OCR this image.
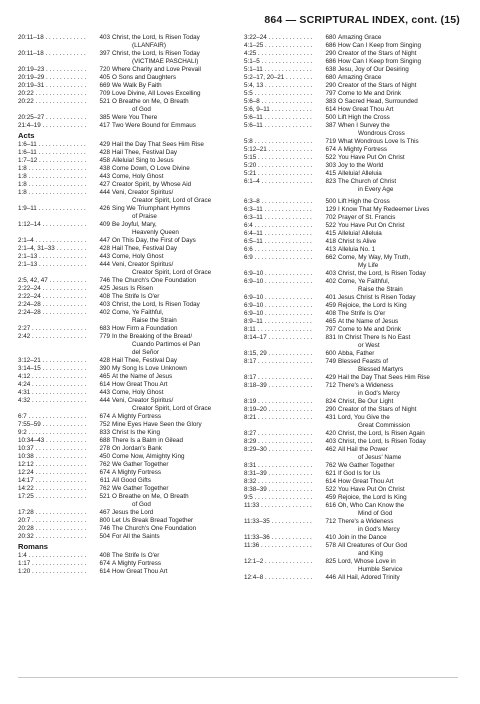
864 — SCRIPTURAL INDEX, cont. (15)
20:11–18 . . .	403 Christ, the Lord, Is Risen Today
(LLANFAIR)
20:11–18 . . .	397 Christ, the Lord, Is Risen Today
(VICTIMAE PASCHALI)
20:19–23 . . .	720 Where Charity and Love Prevail
20:19–29 . . .	405 O Sons and Daughters
20:19–31 . . .	669 We Walk By Faith
20:22 . . .	709 Love Divine, All Loves Excelling
20:22 . . .	521 O Breathe on Me, O Breath
of God
20:25–27 . . .	385 Were You There
21:4–19 . . .	417 Two Were Bound for Emmaus
Acts
1:6–11 . . .	429 Hail the Day That Sees Him Rise
1:6–11 . . .	428 Hail Thee, Festival Day
1:7–12 . . .	458 Alleluia! Sing to Jesus
1:8 . . .	438 Come Down, O Love Divine
1:8 . . .	443 Come, Holy Ghost
1:8 . . .	427 Creator Spirit, by Whose Aid
1:8 . . .	444 Veni, Creator Spiritus/
Creator Spirit, Lord of Grace
1:9–11 . . .	426 Sing We Triumphant Hymns
of Praise
1:12–14 . . .	409 Be Joyful, Mary,
Heavenly Queen
2:1–4 . . .	447 On This Day, the First of Days
2:1–4, 31–33 . . .	428 Hail Thee, Festival Day
2:1–13 . . .	443 Come, Holy Ghost
2:1–13 . . .	444 Veni, Creator Spiritus/
Creator Spirit, Lord of Grace
2:5, 42, 47 . . .	746 The Church's One Foundation
2:22–24 . . .	425 Jesus Is Risen
2:22–24 . . .	408 The Strife Is O'er
2:24–28 . . .	403 Christ, the Lord, Is Risen Today
2:24–28 . . .	402 Come, Ye Faithful,
Raise the Strain
2:27 . . .	683 How Firm a Foundation
2:42 . . .	779 In the Breaking of the Bread/
Cuando Partimos el Pan
del Señor
3:12–21 . . .	428 Hail Thee, Festival Day
3:14–15 . . .	390 My Song Is Love Unknown
4:12 . . .	465 At the Name of Jesus
4:24 . . .	614 How Great Thou Art
4:31 . . .	443 Come, Holy Ghost
4:32 . . .	444 Veni, Creator Spiritus/
Creator Spirit, Lord of Grace
6:7 . . .	674 A Mighty Fortress
7:55–59 . . .	752 Mine Eyes Have Seen the Glory
9:2 . . .	833 Christ Is the King
10:34–43 . . .	688 There Is a Balm in Gilead
10:37 . . .	278 On Jordan's Bank
10:38 . . .	450 Come Now, Almighty King
12:12 . . .	762 We Gather Together
12:24 . . .	674 A Mighty Fortress
14:17 . . .	611 All Good Gifts
14:22 . . .	762 We Gather Together
17:25 . . .	521 O Breathe on Me, O Breath
of God
17:28 . . .	467 Jesus the Lord
20:7 . . .	800 Let Us Break Bread Together
20:28 . . .	746 The Church's One Foundation
20:32 . . .	504 For All the Saints
Romans
1:4 . . .	408 The Strife Is O'er
1:17 . . .	674 A Mighty Fortress
1:20 . . .	614 How Great Thou Art
3:22–24 . . .	680 Amazing Grace
4:1–25 . . .	686 How Can I Keep from Singing
4:25 . . .	290 Creator of the Stars of Night
5:1–5 . . .	686 How Can I Keep from Singing
5:1–11 . . .	638 Jesu, Joy of Our Desiring
5:2–17, 20–21 . . .	680 Amazing Grace
5:4, 13 . . .	290 Creator of the Stars of Night
5:5 . . .	797 Come to Me and Drink
5:6–8 . . .	383 O Sacred Head, Surrounded
5:6, 9–11 . . .	614 How Great Thou Art
5:6–11 . . .	500 Lift High the Cross
5:6–11 . . .	387 When I Survey the
Wondrous Cross
5:8 . . .	719 What Wondrous Love Is This
5:12–21 . . .	674 A Mighty Fortress
5:15 . . .	522 You Have Put On Christ
5:20 . . .	303 Joy to the World
5:21 . . .	415 Alleluia! Alleluia
6:1–4 . . .	823 The Church of Christ
in Every Age
6:3–8 . . .	500 Lift High the Cross
6:3–11 . . .	129 I Know That My Redeemer Lives
6:3–11 . . .	702 Prayer of St. Francis
6:4 . . .	522 You Have Put On Christ
6:4–11 . . .	415 Alleluia! Alleluia
6:5–11 . . .	418 Christ Is Alive
6:6 . . .	413 Alleluia No. 1
6:9 . . .	662 Come, My Way, My Truth,
My Life
6:9–10 . . .	403 Christ, the Lord, Is Risen Today
6:9–10 . . .	402 Come, Ye Faithful,
Raise the Strain
6:9–10 . . .	401 Jesus Christ Is Risen Today
6:9–10 . . .	459 Rejoice, the Lord Is King
6:9–10 . . .	408 The Strife Is O'er
8:9–11 . . .	465 At the Name of Jesus
8:11 . . .	797 Come to Me and Drink
8:14–17 . . .	831 In Christ There Is No East
or West
8:15, 29 . . .	600 Abba, Father
8:17 . . .	749 Blessed Feasts of
Blessed Martyrs
8:17 . . .	429 Hail the Day That Sees Him Rise
8:18–39 . . .	712 There's a Wideness
in God's Mercy
8:19 . . .	824 Christ, Be Our Light
8:19–20 . . .	290 Creator of the Stars of Night
8:21 . . .	431 Lord, You Give the
Great Commission
8:27 . . .	420 Christ, the Lord, Is Risen Again
8:29 . . .	403 Christ, the Lord, Is Risen Today
8:29–30 . . .	462 All Hail the Power
of Jesus' Name
8:31 . . .	762 We Gather Together
8:31–39 . . .	621 If God Is for Us
8:32 . . .	614 How Great Thou Art
8:38–39 . . .	522 You Have Put On Christ
9:5 . . .	459 Rejoice, the Lord Is King
11:33 . . .	616 Oh, Who Can Know the
Mind of God
11:33–35 . . .	712 There's a Wideness
in God's Mercy
11:33–36 . . .	410 Join in the Dance
11:36 . . .	578 All Creatures of Our God
and King
12:1–2 . . .	825 Lord, Whose Love in
Humble Service
12:4–8 . . .	446 All Hail, Adored Trinity
